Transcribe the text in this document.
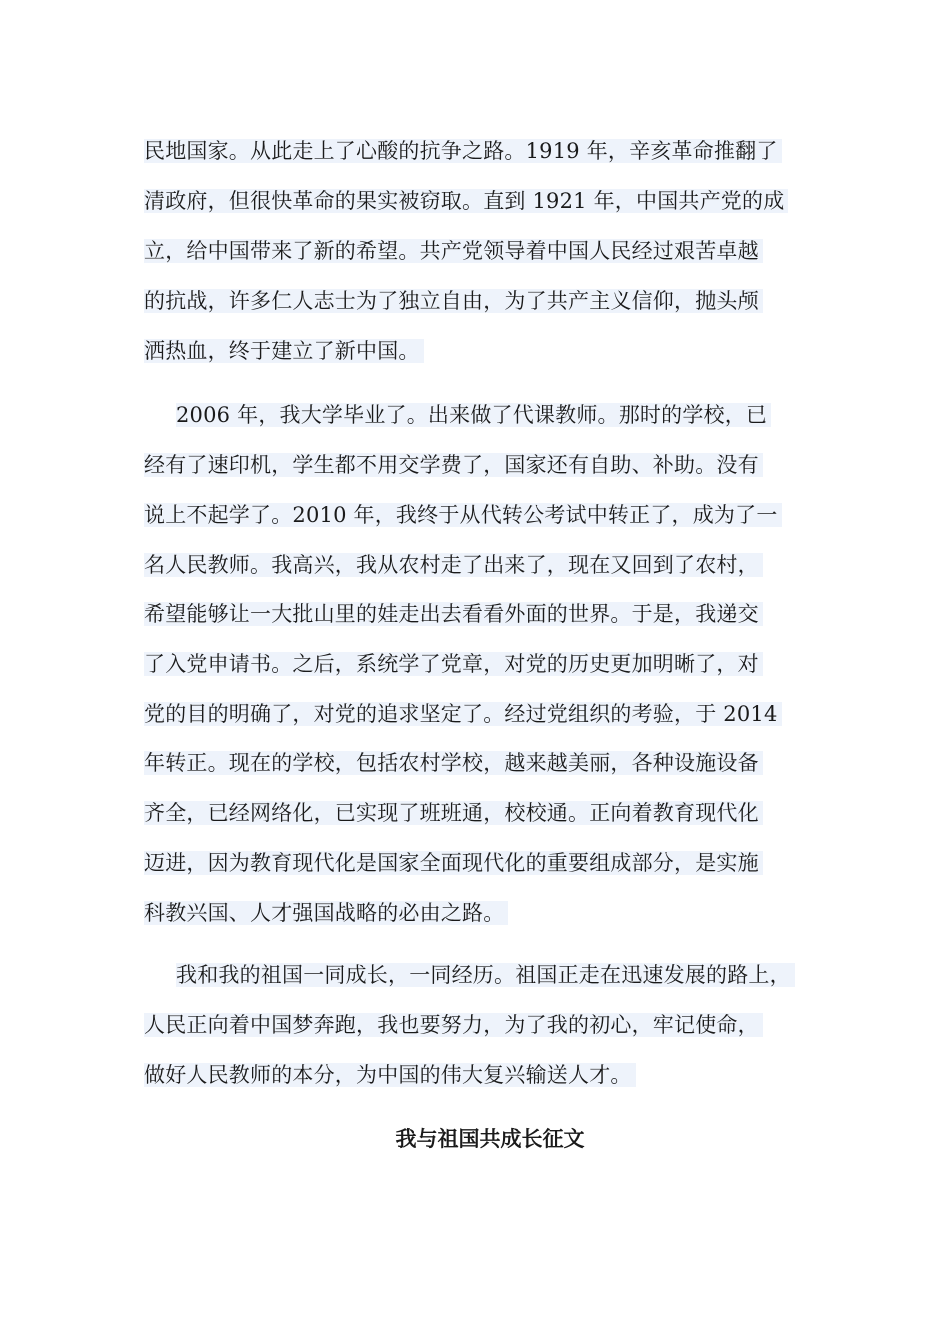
民地国家。从此走上了心酸的抗争之路。1919 年，辛亥革命推翻了
清政府，但很快革命的果实被窃取。直到 1921 年，中国共产党的成
立，给中国带来了新的希望。共产党领导着中国人民经过艰苦卓越
的抗战，许多仁人志士为了独立自由，为了共产主义信仰，抛头颅
洒热血，终于建立了新中国。
2006 年，我大学毕业了。出来做了代课教师。那时的学校，已
经有了速印机，学生都不用交学费了，国家还有自助、补助。没有
说上不起学了。2010 年，我终于从代转公考试中转正了，成为了一
名人民教师。我高兴，我从农村走了出来了，现在又回到了农村，
希望能够让一大批山里的娃走出去看看外面的世界。于是，我递交
了入党申请书。之后，系统学了党章，对党的历史更加明晰了，对
党的目的明确了，对党的追求坚定了。经过党组织的考验，于 2014
年转正。现在的学校，包括农村学校，越来越美丽，各种设施设备
齐全，已经网络化，已实现了班班通，校校通。正向着教育现代化
迈进，因为教育现代化是国家全面现代化的重要组成部分，是实施
科教兴国、人才强国战略的必由之路。
我和我的祖国一同成长，一同经历。祖国正走在迅速发展的路上，
人民正向着中国梦奔跑，我也要努力，为了我的初心，牢记使命，
做好人民教师的本分，为中国的伟大复兴输送人才。
我与祖国共成长征文
